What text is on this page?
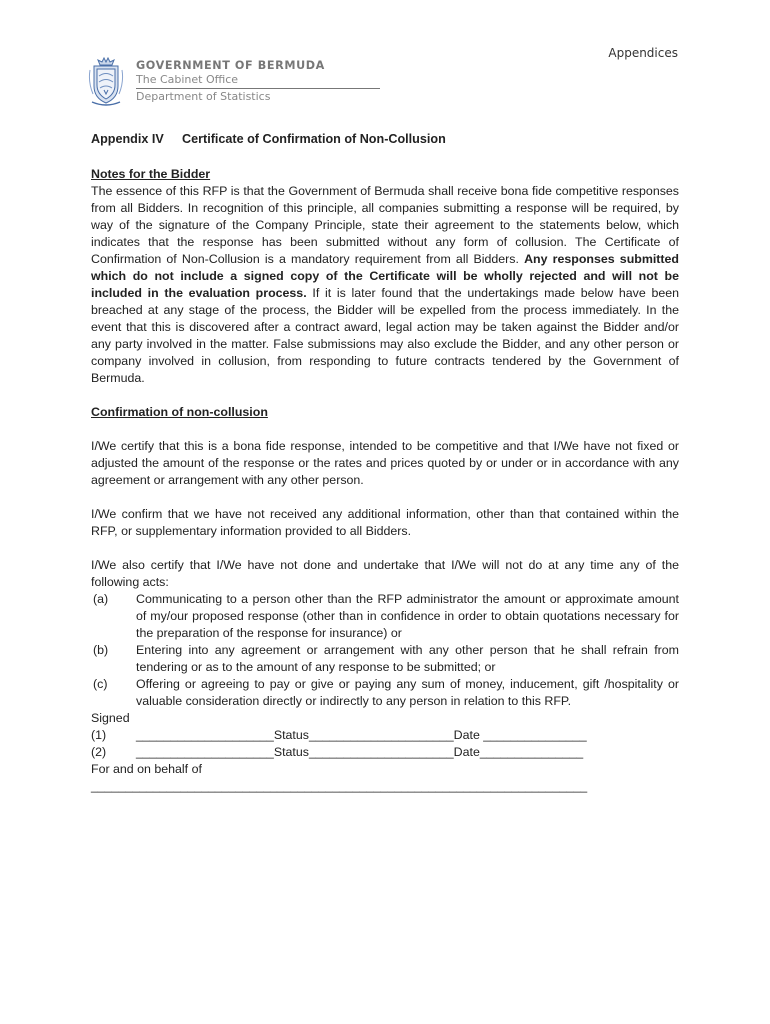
Appendices
GOVERNMENT OF BERMUDA
The Cabinet Office
Department of Statistics
Appendix IV Certificate of Confirmation of Non-Collusion
Notes for the Bidder

The essence of this RFP is that the Government of Bermuda shall receive bona fide competitive responses from all Bidders. In recognition of this principle, all companies submitting a response will be required, by way of the signature of the Company Principle, state their agreement to the statements below, which indicates that the response has been submitted without any form of collusion. The Certificate of Confirmation of Non-Collusion is a mandatory requirement from all Bidders. Any responses submitted which do not include a signed copy of the Certificate will be wholly rejected and will not be included in the evaluation process. If it is later found that the undertakings made below have been breached at any stage of the process, the Bidder will be expelled from the process immediately. In the event that this is discovered after a contract award, legal action may be taken against the Bidder and/or any party involved in the matter. False submissions may also exclude the Bidder, and any other person or company involved in collusion, from responding to future contracts tendered by the Government of Bermuda.

Confirmation of non-collusion

I/We certify that this is a bona fide response, intended to be competitive and that I/We have not fixed or adjusted the amount of the response or the rates and prices quoted by or under or in accordance with any agreement or arrangement with any other person.

I/We confirm that we have not received any additional information, other than that contained within the RFP, or supplementary information provided to all Bidders.

I/We also certify that I/We have not done and undertake that I/We will not do at any time any of the following acts:

(a)	Communicating to a person other than the RFP administrator the amount or approximate amount of my/our proposed response (other than in confidence in order to obtain quotations necessary for the preparation of the response for insurance) or
(b)	Entering into any agreement or arrangement with any other person that he shall refrain from tendering or as to the amount of any response to be submitted; or
(c)	Offering or agreeing to pay or give or paying any sum of money, inducement, gift /hospitality or valuable consideration directly or indirectly to any person in relation to this RFP.
Signed
(1)	____________________Status_____________________Date _______________
(2)	____________________Status_____________________Date_______________
For and on behalf of
________________________________________________________________________
